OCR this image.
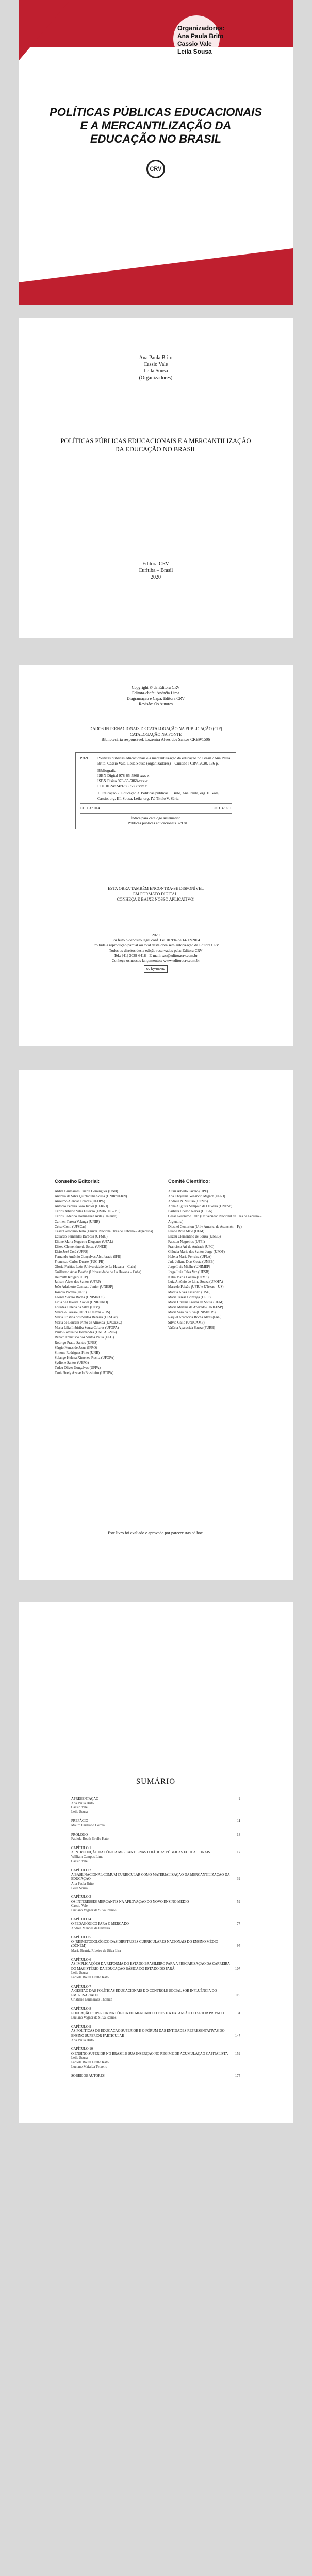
Organizadores:
Ana Paula Brito
Cassio Vale
Leila Sousa
POLÍTICAS PÚBLICAS EDUCACIONAIS E A MERCANTILIZAÇÃO DA EDUCAÇÃO NO BRASIL
CRV
Ana Paula Brito
Cassio Vale
Leila Sousa
(Organizadores)
POLÍTICAS PÚBLICAS EDUCACIONAIS E A MERCANTILIZAÇÃO DA EDUCAÇÃO NO BRASIL
Editora CRV
Curitiba – Brasil
2020
Copyright © da Editora CRV
Editora-chefe: Andréia Lima
Diagramação e Capa: Editora CRV
Revisão: Os Autores
DADOS INTERNACIONAIS DE CATALOGAÇÃO NA PUBLICAÇÃO (CIP)
CATALOGAÇÃO NA FONTE
Bibliotecária responsável: Luzenira Alves dos Santos CRB9/1506
P769	Políticas públicas educacionais e a mercantilização da educação no Brasil / Ana Paula Brito, Cassio Vale, Leila Sousa (organizadores) – Curitiba : CRV, 2020. 136 p.
Bibliografia
ISBN Digital 978-65-5868-xxx-x
ISBN Físico 978-65-5868-xxx-x
DOI 10.24824/978655868xxx.x
1. Educação 2. Educação 3. Políticas públicas I. Brito, Ana Paula, org. II. Vale, Cassio. org. III. Sousa, Leila. org. IV. Título V. Série.
CDU 37.014	CDD 379.81
Índice para catálogo sistemático
1. Políticas públicas educacionais 379.81
ESTA OBRA TAMBÉM ENCONTRA-SE DISPONÍVEL
EM FORMATO DIGITAL.
CONHEÇA E BAIXE NOSSO APLICATIVO!
2020
Foi feito o depósito legal conf. Lei 10.994 de 14/12/2004
Proibida a reprodução parcial ou total desta obra sem autorização da Editora CRV
Todos os direitos desta edição reservados pela: Editora CRV
Tel.: (41) 3039-6418 - E-mail: sac@editoracrv.com.br
Conheça os nossos lançamentos: www.editoracrv.com.br
cc by-nc-nd
Conselho Editorial:	Comitê Científico:
Aldira Guimarães Duarte Domínguez (UNB)
Andréia da Silva Quintanilha Sousa (UNIR/UFRN)
Anselmo Alencar Colares (UFOPA)
Antônio Pereira Gaio Júnior (UFRRJ)
Carlos Alberto Vilar Estêvão (UMINHO – PT)
Carlos Federico Domínguez Avila (Unieuro)
Carmen Tereza Velanga (UNIR)
Celso Conti (UFSCar)
Cesar Gerónimo Tello (Univer. Nacional Três de Febrero – Argentina)
Eduardo Fernandes Barbosa (UFMG)
Elione Maria Nogueira Diogenes (UFAL)
Elizeu Clementino de Souza (UNEB)
Élsio José Corá (UFFS)
Fernando Antônio Gonçalves Alcoforado (IPB)
Francisco Carlos Duarte (PUC-PR)
Gloria Fariñas León (Universidade de La Havana – Cuba)
Guillermo Arias Beatón (Universidade de La Havana – Cuba)
Helmuth Krüger (UCP)
Jailson Alves dos Santos (UFRJ)
João Adalberto Campato Junior (UNESP)
Josania Portela (UFPI)
Leonel Severo Rocha (UNISINOS)
Lídia de Oliveira Xavier (UNIEURO)
Lourdes Helena da Silva (UFV)
Marcelo Paixão (UFRJ e UTexas – US)
Maria Cristina dos Santos Bezerra (UFSCar)
Maria de Lourdes Pinto de Almeida (UNOESC)
Maria Lília Imbiriba Sousa Colares (UFOPA)
Paulo Romualdo Hernandes (UNIFAL-MG)
Renato Francisco dos Santos Paula (UFG)
Rodrigo Pratte-Santos (UFES)
Sérgio Nunes de Jesus (IFRO)
Simone Rodrigues Pinto (UNB)
Solange Helena Ximenes-Rocha (UFOPA)
Sydione Santos (UEPG)
Tadeu Oliver Gonçalves (UFPA)
Tania Suely Azevedo Brasileiro (UFOPA)
Altair Alberto Fávero (UPF)
Ana Chrystina Venancio Mignot (UERJ)
Andréia N. Militão (UEMS)
Anna Augusta Sampaio de Oliveira (UNESP)
Barbara Coelho Neves (UFBA)
Cesar Gerónimo Tello (Universidad Nacional de Três de Febrero – Argentina)
Diosnel Centurion (Univ Americ. de Asunción – Py)
Eliane Rose Maio (UEM)
Elizeu Clementino de Souza (UNEB)
Fauston Negreiros (UFPI)
Francisco Ari de Andrade (UFC)
Gláucia Maria dos Santos Jorge (UFOP)
Helena Maria Ferreira (UFLA)
Jade Juliane Dias Costa (UNEB)
Jorge Luis Mialhe (UNIMEP)
Jorge Luiz Teles Vaz (UESB)
Kátia Maria Coelho (UFMS)
Luiz Antônio de Lima Souza (UFOPA)
Marcelo Paixão (UFRJ e UTexas – US)
Marcia Alves Tassinari (USU)
Maria Teresa Gonzaga (UFJF)
Maria Cristina Freitas de Sousa (UEM)
Maria Martins de Azevedo (UNIFESP)
Maria Sara da Silva (UNISINOS)
Raquel Aparecida Rocha Alves (FAE)
Silvio Gallo (UNICAMP)
Valéria Aparecida Souza (FURB)
Este livro foi avaliado e aprovado por pareceristas ad hoc.
SUMÁRIO
APRESENTAÇÃO	9
Ana Paula Brito
Cassio Vale
Leila Sousa
PREFÁCIO	11
Mauro Cristiano Corrêa
PRÓLOGO	13
Fabíola Bouth Grello Kato
CAPÍTULO 1
A INTRODUÇÃO DA LÓGICA MERCANTIL NAS POLÍTICAS PÚBLICAS EDUCACIONAIS	17
William Campos Lima
Cássio Vale
CAPÍTULO 2
A BASE NACIONAL COMUM CURRICULAR COMO MATERIALIZAÇÃO DA MERCANTILIZAÇÃO DA EDUCAÇÃO	39
Ana Paula Brito
Leila Sousa
CAPÍTULO 3
OS INTERESSES MERCANTIS NA APROVAÇÃO DO NOVO ENSINO MÉDIO	59
Cassio Vale
Luciano Vagner da Silva Ramos
CAPÍTULO 4
O PEDAGÓGICO PARA O MERCADO	77
Andréa Mendes de Oliveira
CAPÍTULO 5
O (RE)METODOLÓGICO DAS DIRETRIZES CURRICULARES NACIONAIS DO ENSINO MÉDIO (DCNEM)	95
Maria Beatriz Ribeiro da Silva Lira
CAPÍTULO 6
AS IMPLICAÇÕES DA REFORMA DO ESTADO BRASILEIRO PARA A PRECARIZAÇÃO DA CARREIRA DO MAGISTÉRIO DA EDUCAÇÃO BÁSICA DO ESTADO DO PARÁ	107
Leila Sousa
Fabíola Bouth Grello Kato
CAPÍTULO 7
A GESTÃO DAS POLÍTICAS EDUCACIONAIS E O CONTROLE SOCIAL SOB INFLUÊNCIA DO EMPRESARIADO	119
Cristiane Guimarães Thomaz
CAPÍTULO 8
EDUCAÇÃO SUPERIOR NA LÓGICA DO MERCADO: O FIES E A EXPANSÃO DO SETOR PRIVADO	131
Luciano Vagner da Silva Ramos
CAPÍTULO 9
AS POLÍTICAS DE EDUCAÇÃO SUPERIOR E O FÓRUM DAS ENTIDADES REPRESENTATIVAS DO ENSINO SUPERIOR PARTICULAR	147
Ana Paula Brito
CAPÍTULO 10
O ENSINO SUPERIOR NO BRASIL E SUA INSERÇÃO NO REGIME DE ACUMULAÇÃO CAPITALISTA	159
Leila Sousa
Fabíola Bouth Grello Kato
Luciane Mafalda Teixeira
SOBRE OS AUTORES	175
